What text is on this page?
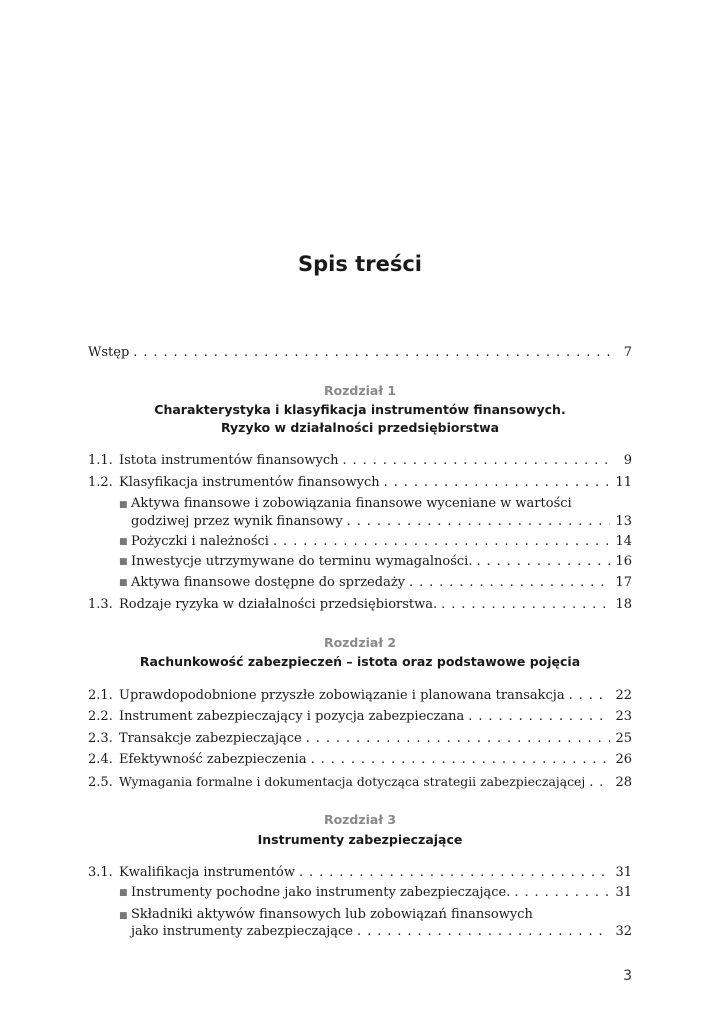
Spis treści
Wstęp . . .	7
Rozdział 1
Charakterystyka i klasyfikacja instrumentów finansowych.
Ryzyko w działalności przedsiębiorstwa
1.1. Istota instrumentów finansowych . . .	9
1.2. Klasyfikacja instrumentów finansowych . . .	11
■ Aktywa finansowe i zobowiązania finansowe wyceniane w wartości
godziwej przez wynik finansowy . . .	13
■ Pożyczki i należności . . .	14
■ Inwestycje utrzymywane do terminu wymagalności. . . .	16
■ Aktywa finansowe dostępne do sprzedaży . . .	17
1.3. Rodzaje ryzyka w działalności przedsiębiorstwa. . . .	18
Rozdział 2
Rachunkowość zabezpieczeń – istota oraz podstawowe pojęcia
2.1. Uprawdopodobnione przyszłe zobowiązanie i planowana transakcja . . .	22
2.2. Instrument zabezpieczający i pozycja zabezpieczana . . .	23
2.3. Transakcje zabezpieczające . . .	25
2.4. Efektywność zabezpieczenia . . .	26
2.5. Wymagania formalne i dokumentacja dotycząca strategii zabezpieczającej . . . 28
Rozdział 3
Instrumenty zabezpieczające
3.1. Kwalifikacja instrumentów . . .	31
■ Instrumenty pochodne jako instrumenty zabezpieczające. . . .	31
■ Składniki aktywów finansowych lub zobowiązań finansowych
jako instrumenty zabezpieczające . . .	32
3
